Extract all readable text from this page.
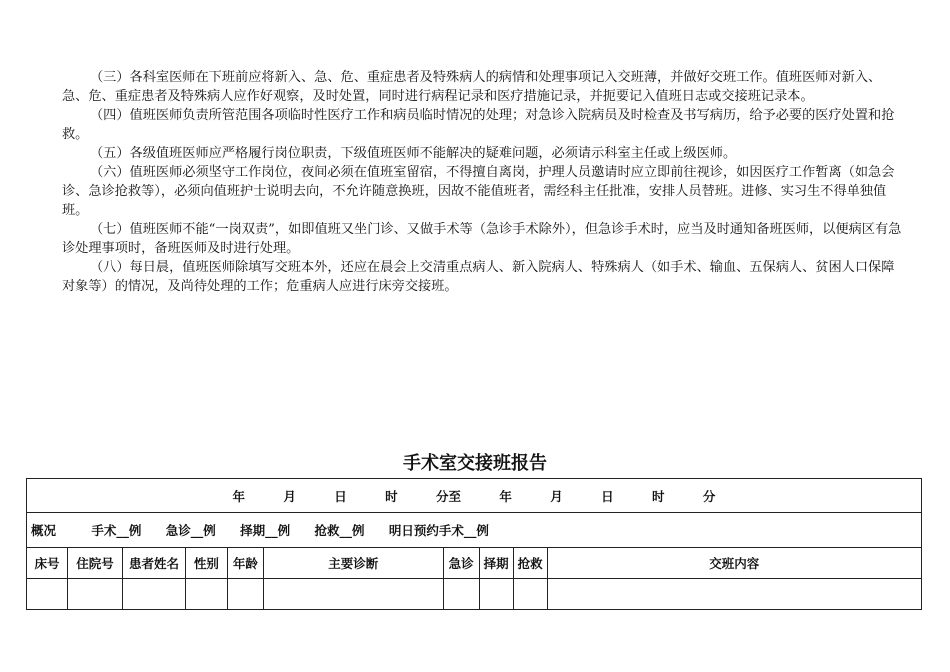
（三）各科室医师在下班前应将新入、急、危、重症患者及特殊病人的病情和处理事项记入交班薄，并做好交班工作。值班医师对新入、急、危、重症患者及特殊病人应作好观察，及时处置，同时进行病程记录和医疗措施记录，并扼要记入值班日志或交接班记录本。

（四）值班医师负责所管范围各项临时性医疗工作和病员临时情况的处理；对急诊入院病员及时检查及书写病历，给予必要的医疗处置和抢救。

（五）各级值班医师应严格履行岗位职责，下级值班医师不能解决的疑难问题，必须请示科室主任或上级医师。

（六）值班医师必须坚守工作岗位，夜间必须在值班室留宿，不得擅自离岗，护理人员邀请时应立即前往视诊，如因医疗工作暂离（如急会诊、急诊抢救等），必须向值班护士说明去向，不允许随意换班，因故不能值班者，需经科主任批准，安排人员替班。进修、实习生不得单独值班。

（七）值班医师不能“一岗双责”，如即值班又坐门诊、又做手术等（急诊手术除外），但急诊手术时，应当及时通知备班医师，以便病区有急诊处理事项时，备班医师及时进行处理。

（八）每日晨，值班医师除填写交班本外，还应在晨会上交清重点病人、新入院病人、特殊病人（如手术、输血、五保病人、贫困人口保障对象等）的情况，及尚待处理的工作；危重病人应进行床旁交接班。

手术室交接班报告
年 月 日 时 分至 年 月 日 时 分									
概况 手术__例 急诊__例 择期__例 抢救__例 明日预约手术__例									
床号	住院号	患者姓名	性别	年龄	主要诊断	急诊	择期	抢救	交班内容
